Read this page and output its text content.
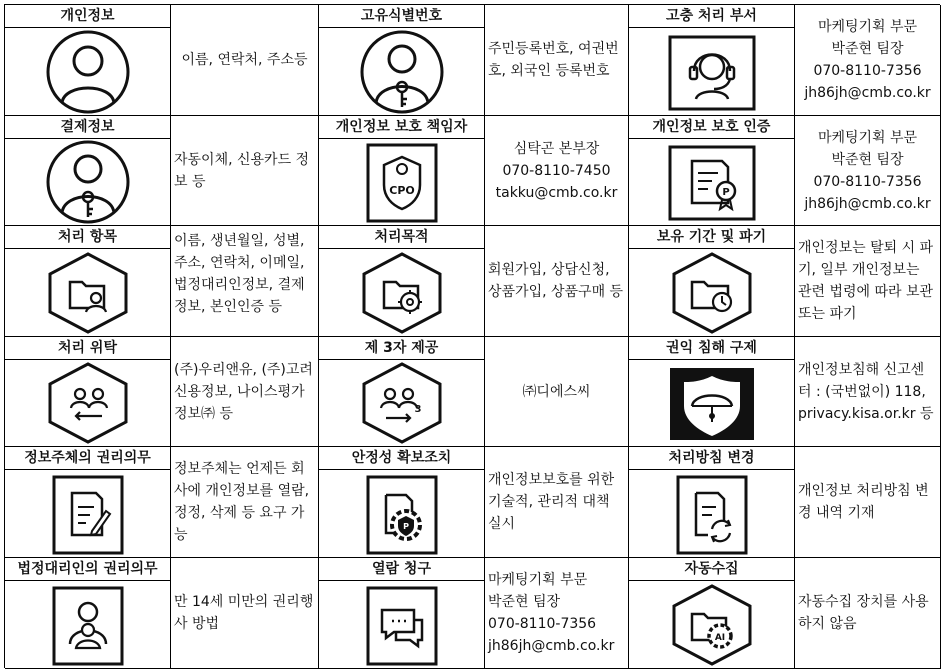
개인정보
이름, 연락처, 주소등
고유식별번호
주민등록번호, 여권번호, 외국인 등록번호
고충 처리 부서
마케팅기획 부문
박준현 팀장
070-8110-7356
jh86jh@cmb.co.kr
결제정보
자동이체, 신용카드 정보 등
개인정보 보호 책임자
CPO
심탁곤 본부장
070-8110-7450
takku@cmb.co.kr
개인정보 보호 인증
P
마케팅기획 부문
박준현 팀장
070-8110-7356
jh86jh@cmb.co.kr
처리 항목	이름, 생년월일, 성별, 주소, 연락처, 이메일, 법정대리인정보, 결제정보, 본인인증 등
처리목적
회원가입, 상담신청, 상품가입, 상품구매 등
보유 기간 및 파기
개인정보는 탈퇴 시 파기, 일부 개인정보는 관련 법령에 따라 보관 또는 파기
처리 위탁
(주)우리앤유, (주)고려신용정보, 나이스평가정보㈜ 등
제 3자 제공
3
㈜디에스씨
권익 침해 구제
개인정보침해 신고센터 : (국번없이) 118, privacy.kisa.or.kr 등
정보주체의 권리의무
정보주체는 언제든 회사에 개인정보를 열람, 정정, 삭제 등 요구 가능
안정성 확보조치
P
개인정보보호를 위한 기술적, 관리적 대책 실시
처리방침 변경
개인정보 처리방침 변경 내역 기재
법정대리인의 권리의무
만 14세 미만의 권리행사 방법
열람 청구
마케팅기획 부문
박준현 팀장
070-8110-7356
jh86jh@cmb.co.kr
자동수집
AI
자동수집 장치를 사용하지 않음
